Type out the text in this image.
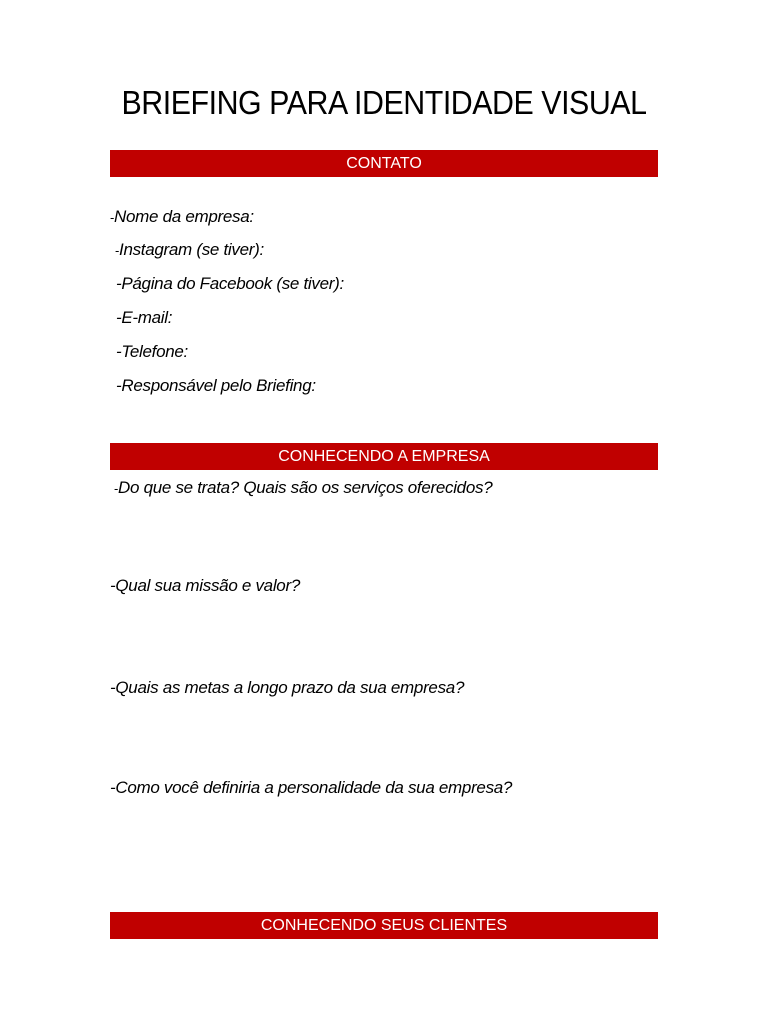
BRIEFING PARA IDENTIDADE VISUAL
CONTATO
-Nome da empresa:
-Instagram (se tiver):
-Página do Facebook (se tiver):
-E-mail:
-Telefone:
-Responsável pelo Briefing:
CONHECENDO A EMPRESA
-Do que se trata? Quais são os serviços oferecidos?
-Qual sua missão e valor?
-Quais as metas a longo prazo da sua empresa?
-Como você definiria a personalidade da sua empresa?
CONHECENDO SEUS CLIENTES
